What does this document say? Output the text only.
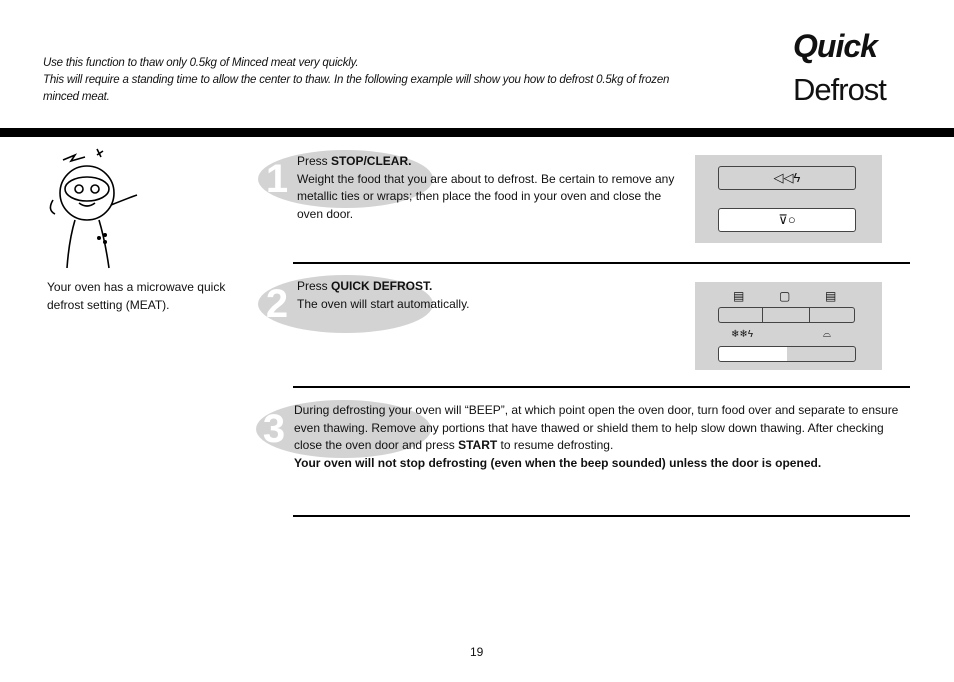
Use this function to thaw only 0.5kg of Minced meat very quickly.
This will require a standing time to allow the center to thaw. In the following example will show you how to defrost 0.5kg of frozen minced meat.
Quick
Defrost
Your oven has a microwave quick defrost setting (MEAT).
1 Press STOP/CLEAR.
Weight the food that you are about to defrost. Be certain to remove any metallic ties or wraps; then place the food in your oven and close the oven door.
◁◁ϟ
⊽○
2 Press QUICK DEFROST.
The oven will start automatically.
▤	▢	▤
❄❄ϟ	⌓
3 During defrosting your oven will “BEEP”, at which point open the oven door, turn food over and separate to ensure even thawing. Remove any portions that have thawed or shield them to help slow down thawing. After checking close the oven door and press START to resume defrosting.
Your oven will not stop defrosting (even when the beep sounded) unless the door is opened.
19
